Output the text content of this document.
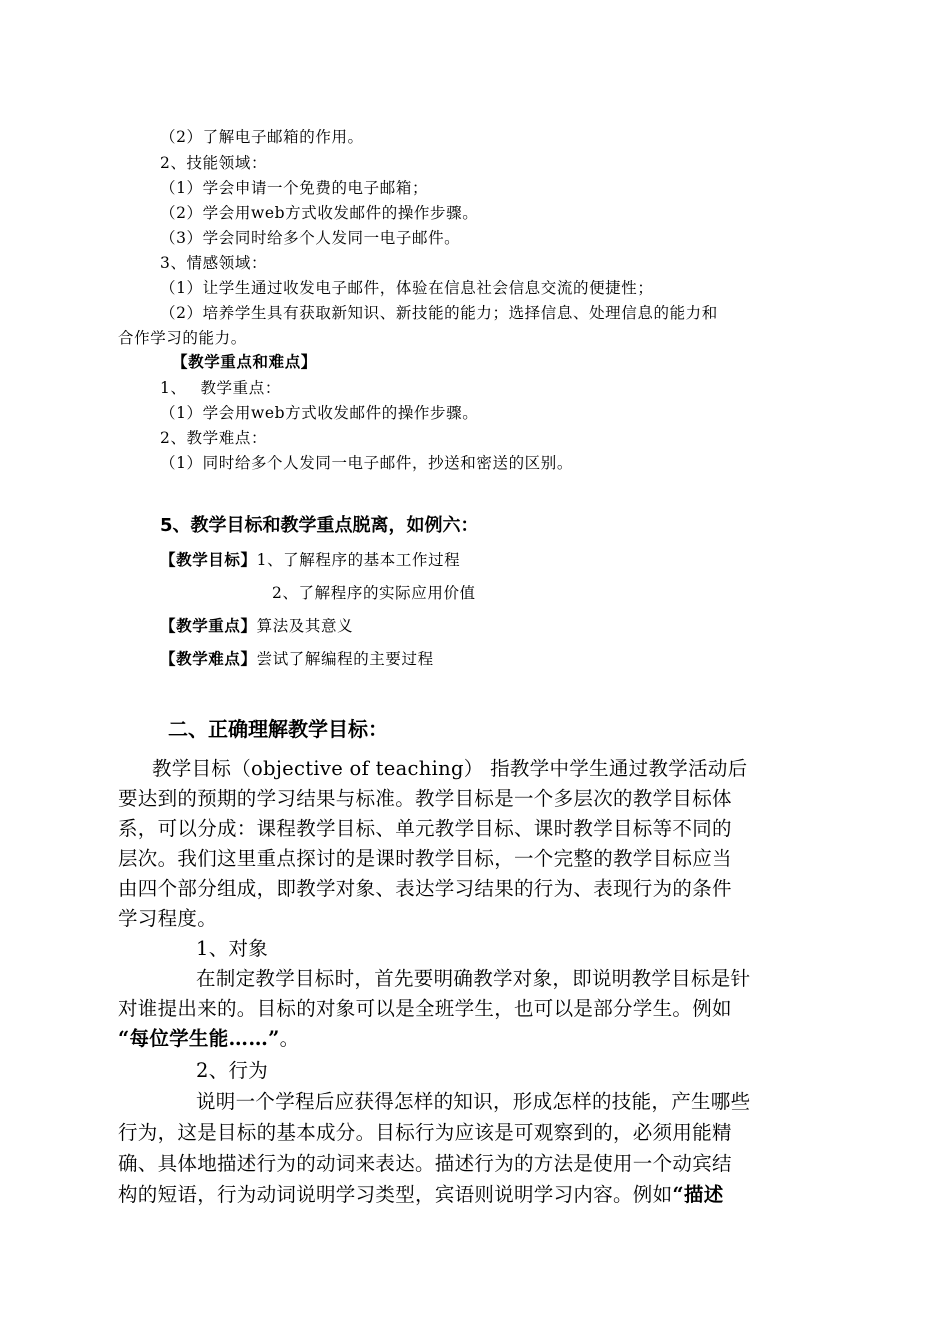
（2）了解电子邮箱的作用。
2、技能领域：
（1）学会申请一个免费的电子邮箱；
（2）学会用web方式收发邮件的操作步骤。
（3）学会同时给多个人发同一电子邮件。
3、情感领域：
（1）让学生通过收发电子邮件，体验在信息社会信息交流的便捷性；
（2）培养学生具有获取新知识、新技能的能力；选择信息、处理信息的能力和
合作学习的能力。
【教学重点和难点】
1、　 教学重点：
（1）学会用web方式收发邮件的操作步骤。
2、教学难点：
（1）同时给多个人发同一电子邮件，抄送和密送的区别。
5、教学目标和教学重点脱离，如例六：
【教学目标】1、了解程序的基本工作过程
2、了解程序的实际应用价值
【教学重点】算法及其意义
【教学难点】尝试了解编程的主要过程
二、正确理解教学目标：
教学目标（objective of teaching） 指教学中学生通过教学活动后
要达到的预期的学习结果与标准。教学目标是一个多层次的教学目标体
系，可以分成：课程教学目标、单元教学目标、课时教学目标等不同的
层次。我们这里重点探讨的是课时教学目标，一个完整的教学目标应当
由四个部分组成，即教学对象、表达学习结果的行为、表现行为的条件
学习程度。
1、对象
在制定教学目标时，首先要明确教学对象，即说明教学目标是针
对谁提出来的。目标的对象可以是全班学生，也可以是部分学生。例如
“每位学生能……”。
2、行为
说明一个学程后应获得怎样的知识，形成怎样的技能，产生哪些
行为，这是目标的基本成分。目标行为应该是可观察到的，必须用能精
确、具体地描述行为的动词来表达。描述行为的方法是使用一个动宾结
构的短语，行为动词说明学习类型，宾语则说明学习内容。例如“描述
